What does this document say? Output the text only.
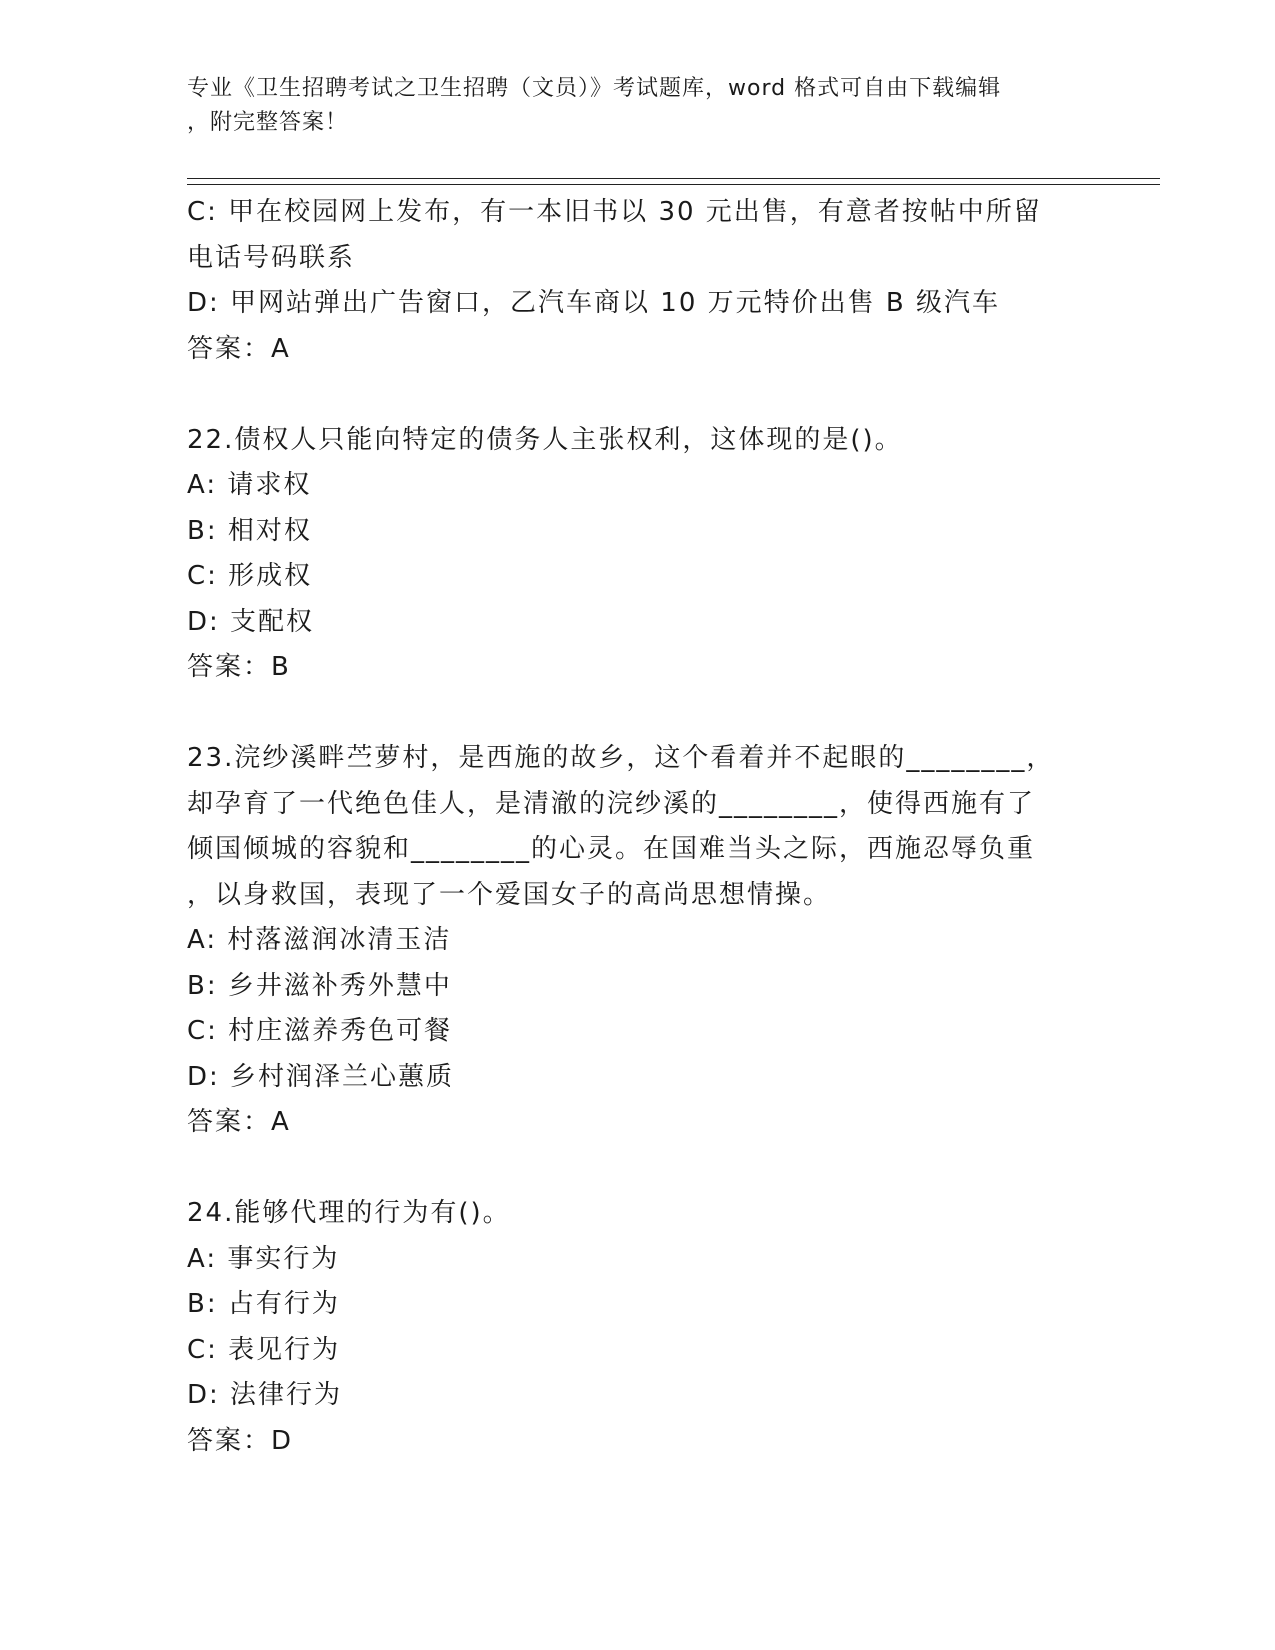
专业《卫生招聘考试之卫生招聘（文员）》考试题库，word 格式可自由下载编辑
，附完整答案！
C: 甲在校园网上发布，有一本旧书以 30 元出售，有意者按帖中所留
电话号码联系
D: 甲网站弹出广告窗口，乙汽车商以 10 万元特价出售 B 级汽车
答案：A
22.债权人只能向特定的债务人主张权利，这体现的是()。
A: 请求权
B: 相对权
C: 形成权
D: 支配权
答案：B
23.浣纱溪畔苎萝村，是西施的故乡，这个看着并不起眼的________，
却孕育了一代绝色佳人，是清澈的浣纱溪的________，使得西施有了
倾国倾城的容貌和________的心灵。在国难当头之际，西施忍辱负重
，以身救国，表现了一个爱国女子的高尚思想情操。
A: 村落滋润冰清玉洁
B: 乡井滋补秀外慧中
C: 村庄滋养秀色可餐
D: 乡村润泽兰心蕙质
答案：A
24.能够代理的行为有()。
A: 事实行为
B: 占有行为
C: 表见行为
D: 法律行为
答案：D
